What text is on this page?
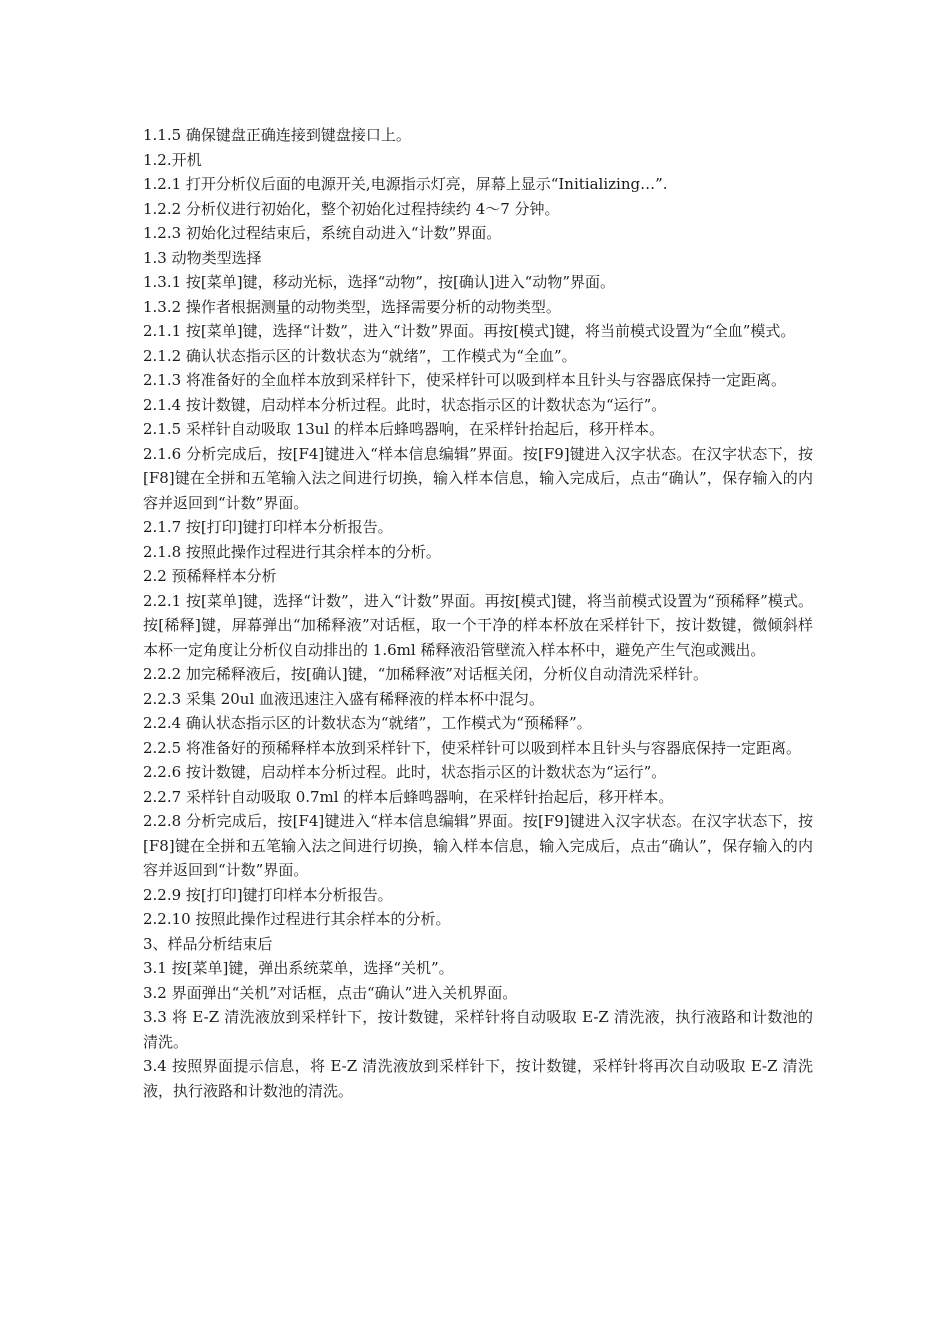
1.1.5 确保键盘正确连接到键盘接口上。

1.2.开机

1.2.1 打开分析仪后面的电源开关,电源指示灯亮，屏幕上显示“Initializing…”.

1.2.2 分析仪进行初始化，整个初始化过程持续约 4～7 分钟。

1.2.3 初始化过程结束后，系统自动进入“计数”界面。

1.3 动物类型选择

1.3.1 按[菜单]键，移动光标，选择“动物”，按[确认]进入“动物”界面。

1.3.2 操作者根据测量的动物类型，选择需要分析的动物类型。

2.1.1 按[菜单]键，选择“计数”，进入“计数”界面。再按[模式]键，将当前模式设置为“全血”模式。

2.1.2 确认状态指示区的计数状态为“就绪”，工作模式为“全血”。

2.1.3 将准备好的全血样本放到采样针下，使采样针可以吸到样本且针头与容器底保持一定距离。

2.1.4 按计数键，启动样本分析过程。此时，状态指示区的计数状态为“运行”。

2.1.5 采样针自动吸取 13ul 的样本后蜂鸣器响，在采样针抬起后，移开样本。

2.1.6 分析完成后，按[F4]键进入“样本信息编辑”界面。按[F9]键进入汉字状态。在汉字状态下，按[F8]键在全拼和五笔输入法之间进行切换，输入样本信息，输入完成后，点击“确认”，保存输入的内容并返回到“计数”界面。

2.1.7 按[打印]键打印样本分析报告。

2.1.8 按照此操作过程进行其余样本的分析。

2.2 预稀释样本分析

2.2.1 按[菜单]键，选择“计数”，进入“计数”界面。再按[模式]键，将当前模式设置为“预稀释”模式。按[稀释]键，屏幕弹出“加稀释液”对话框，取一个干净的样本杯放在采样针下，按计数键，微倾斜样本杯一定角度让分析仪自动排出的 1.6ml 稀释液沿管壁流入样本杯中，避免产生气泡或溅出。

2.2.2 加完稀释液后，按[确认]键，“加稀释液”对话框关闭，分析仪自动清洗采样针。

2.2.3 采集 20ul 血液迅速注入盛有稀释液的样本杯中混匀。

2.2.4 确认状态指示区的计数状态为“就绪”，工作模式为“预稀释”。

2.2.5 将准备好的预稀释样本放到采样针下，使采样针可以吸到样本且针头与容器底保持一定距离。

2.2.6 按计数键，启动样本分析过程。此时，状态指示区的计数状态为“运行”。

2.2.7 采样针自动吸取 0.7ml 的样本后蜂鸣器响，在采样针抬起后，移开样本。

2.2.8 分析完成后，按[F4]键进入“样本信息编辑”界面。按[F9]键进入汉字状态。在汉字状态下，按[F8]键在全拼和五笔输入法之间进行切换，输入样本信息，输入完成后，点击“确认”，保存输入的内容并返回到“计数”界面。

2.2.9 按[打印]键打印样本分析报告。

2.2.10 按照此操作过程进行其余样本的分析。

3、样品分析结束后

3.1 按[菜单]键，弹出系统菜单，选择“关机”。

3.2 界面弹出“关机”对话框，点击“确认”进入关机界面。

3.3 将 E-Z 清洗液放到采样针下，按计数键，采样针将自动吸取 E-Z 清洗液，执行液路和计数池的清洗。

3.4 按照界面提示信息，将 E-Z 清洗液放到采样针下，按计数键，采样针将再次自动吸取 E-Z 清洗液，执行液路和计数池的清洗。
